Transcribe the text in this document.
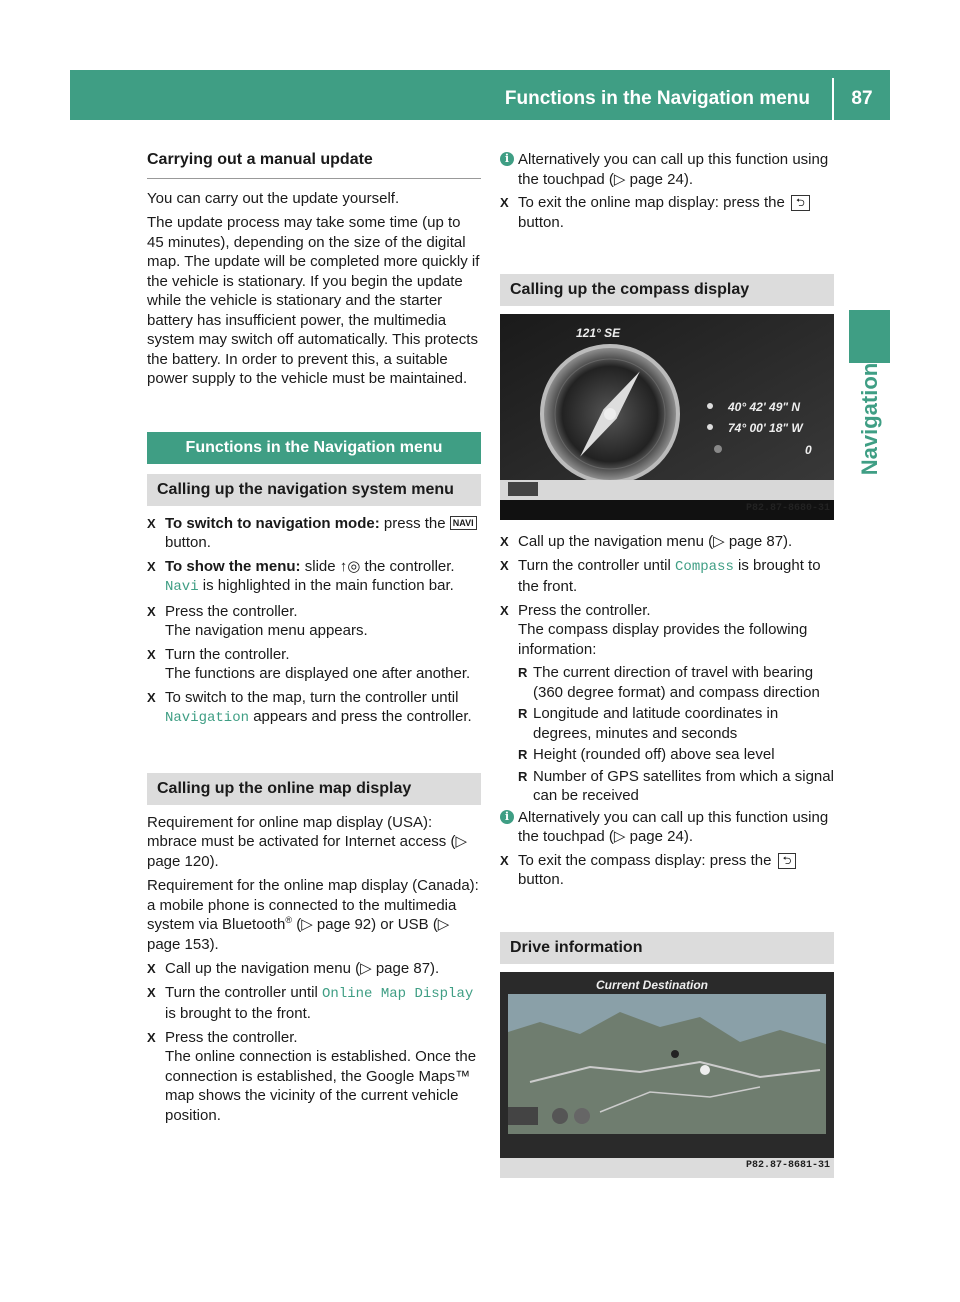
Functions in the Navigation menu	87
Navigation
Carrying out a manual update

You can carry out the update yourself.

The update process may take some time (up to 45 minutes), depending on the size of the digital map. The update will be completed more quickly if the vehicle is stationary. If you begin the update while the vehicle is stationary and the starter battery has insufficient power, the multimedia system may switch off automatically. This protects the battery. In order to prevent this, a suitable power supply to the vehicle must be maintained.

Functions in the Navigation menu
Calling up the navigation system menu
X To switch to navigation mode: press the NAVI button.
X To show the menu: slide ↑◎ the controller. Navi is highlighted in the main function bar.
X Press the controller.
The navigation menu appears.
X Turn the controller.
The functions are displayed one after another.
X To switch to the map, turn the controller until Navigation appears and press the controller.
Calling up the online map display

Requirement for online map display (USA): mbrace must be activated for Internet access (▷ page 120).

Requirement for the online map display (Canada): a mobile phone is connected to the multimedia system via Bluetooth® (▷ page 92) or USB (▷ page 153).

X Call up the navigation menu (▷ page 87).
X Turn the controller until Online Map Display is brought to the front.
X Press the controller.
The online connection is established. Once the connection is established, the Google Maps™ map shows the vicinity of the current vehicle position.
i Alternatively you can call up this function using the touchpad (▷ page 24).
X To exit the online map display: press the ⮌ button.
Calling up the compass display
121° SE
40° 42' 49" N
74° 00' 18" W
0
P82.87-8680-31
X Call up the navigation menu (▷ page 87).
X Turn the controller until Compass is brought to the front.
X Press the controller.
The compass display provides the following information:
R The current direction of travel with bearing (360 degree format) and compass direction
R Longitude and latitude coordinates in degrees, minutes and seconds
R Height (rounded off) above sea level
R Number of GPS satellites from which a signal can be received
i Alternatively you can call up this function using the touchpad (▷ page 24).
X To exit the compass display: press the ⮌ button.
Drive information
Current Destination
P82.87-8681-31
